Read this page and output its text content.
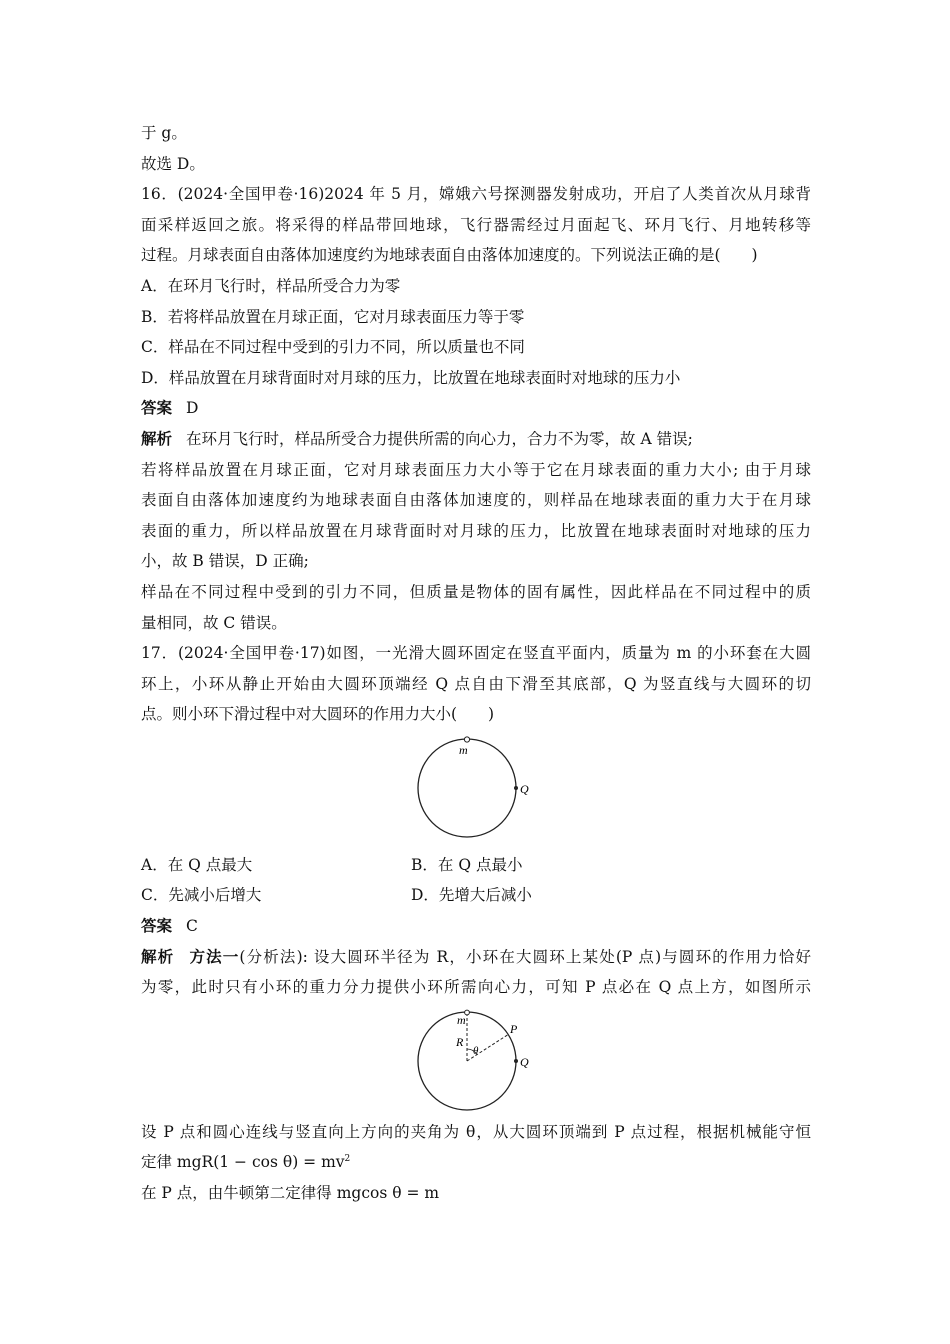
于 g。
故选 D。
16．(2024·全国甲卷·16)2024 年 5 月，嫦娥六号探测器发射成功，开启了人类首次从月球背
面采样返回之旅。将采得的样品带回地球，飞行器需经过月面起飞、环月飞行、月地转移等
过程。月球表面自由落体加速度约为地球表面自由落体加速度的。下列说法正确的是(　　)
A．在环月飞行时，样品所受合力为零
B．若将样品放置在月球正面，它对月球表面压力等于零
C．样品在不同过程中受到的引力不同，所以质量也不同
D．样品放置在月球背面时对月球的压力，比放置在地球表面时对地球的压力小
答案 D
解析 在环月飞行时，样品所受合力提供所需的向心力，合力不为零，故 A 错误;
若将样品放置在月球正面，它对月球表面压力大小等于它在月球表面的重力大小; 由于月球
表面自由落体加速度约为地球表面自由落体加速度的，则样品在地球表面的重力大于在月球
表面的重力，所以样品放置在月球背面时对月球的压力，比放置在地球表面时对地球的压力
小，故 B 错误，D 正确;
样品在不同过程中受到的引力不同，但质量是物体的固有属性，因此样品在不同过程中的质
量相同，故 C 错误。
17．(2024·全国甲卷·17)如图，一光滑大圆环固定在竖直平面内，质量为 m 的小环套在大圆
环上，小环从静止开始由大圆环顶端经 Q 点自由下滑至其底部，Q 为竖直线与大圆环的切
点。则小环下滑过程中对大圆环的作用力大小(　　)
m
Q
A．在 Q 点最大	B．在 Q 点最小
C．先减小后增大	D．先增大后减小
答案 C
解析 方法一(分析法): 设大圆环半径为 R，小环在大圆环上某处(P 点)与圆环的作用力恰好
为零，此时只有小环的重力分力提供小环所需向心力，可知 P 点必在 Q 点上方，如图所示
m
R
θ
P
Q
设 P 点和圆心连线与竖直向上方向的夹角为 θ，从大圆环顶端到 P 点过程，根据机械能守恒
定律 $mgR(1 - \cos \theta) = mv^2$
在 P 点，由牛顿第二定律得 mgcos θ = m
